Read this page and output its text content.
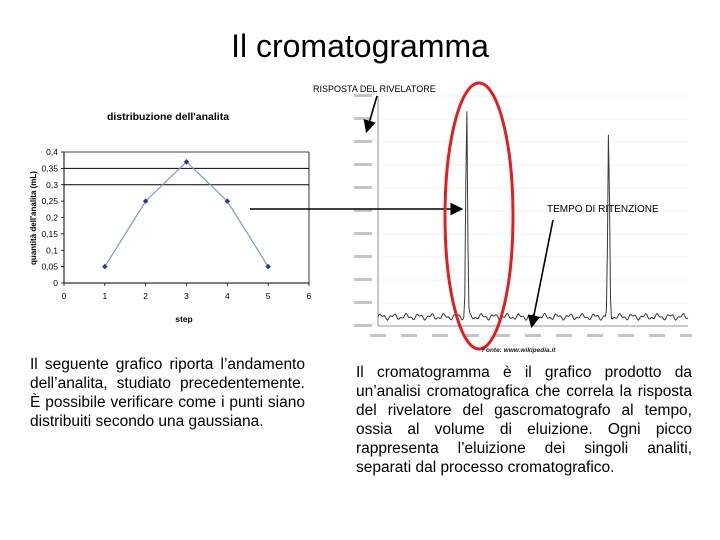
Il cromatogramma
distribuzione dell'analita
quantità dell'analita (mL)
step
0
0,05
0,1
0,15
0,2
0,25
0,3
0,35
0,4
0	1	2	3	4	5	6
RISPOSTA DEL RIVELATORE
TEMPO DI RITENZIONE
Fonte: www.wikipedia.it
Il seguente grafico riporta l’andamento dell’analita, studiato precedentemente. È possibile verificare come i punti siano distribuiti secondo una gaussiana.
Il cromatogramma è il grafico prodotto da un’analisi cromatografica che correla la risposta del rivelatore del gascromatografo al tempo, ossia al volume di eluizione. Ogni picco rappresenta l’eluizione dei singoli analiti, separati dal processo cromatografico.
